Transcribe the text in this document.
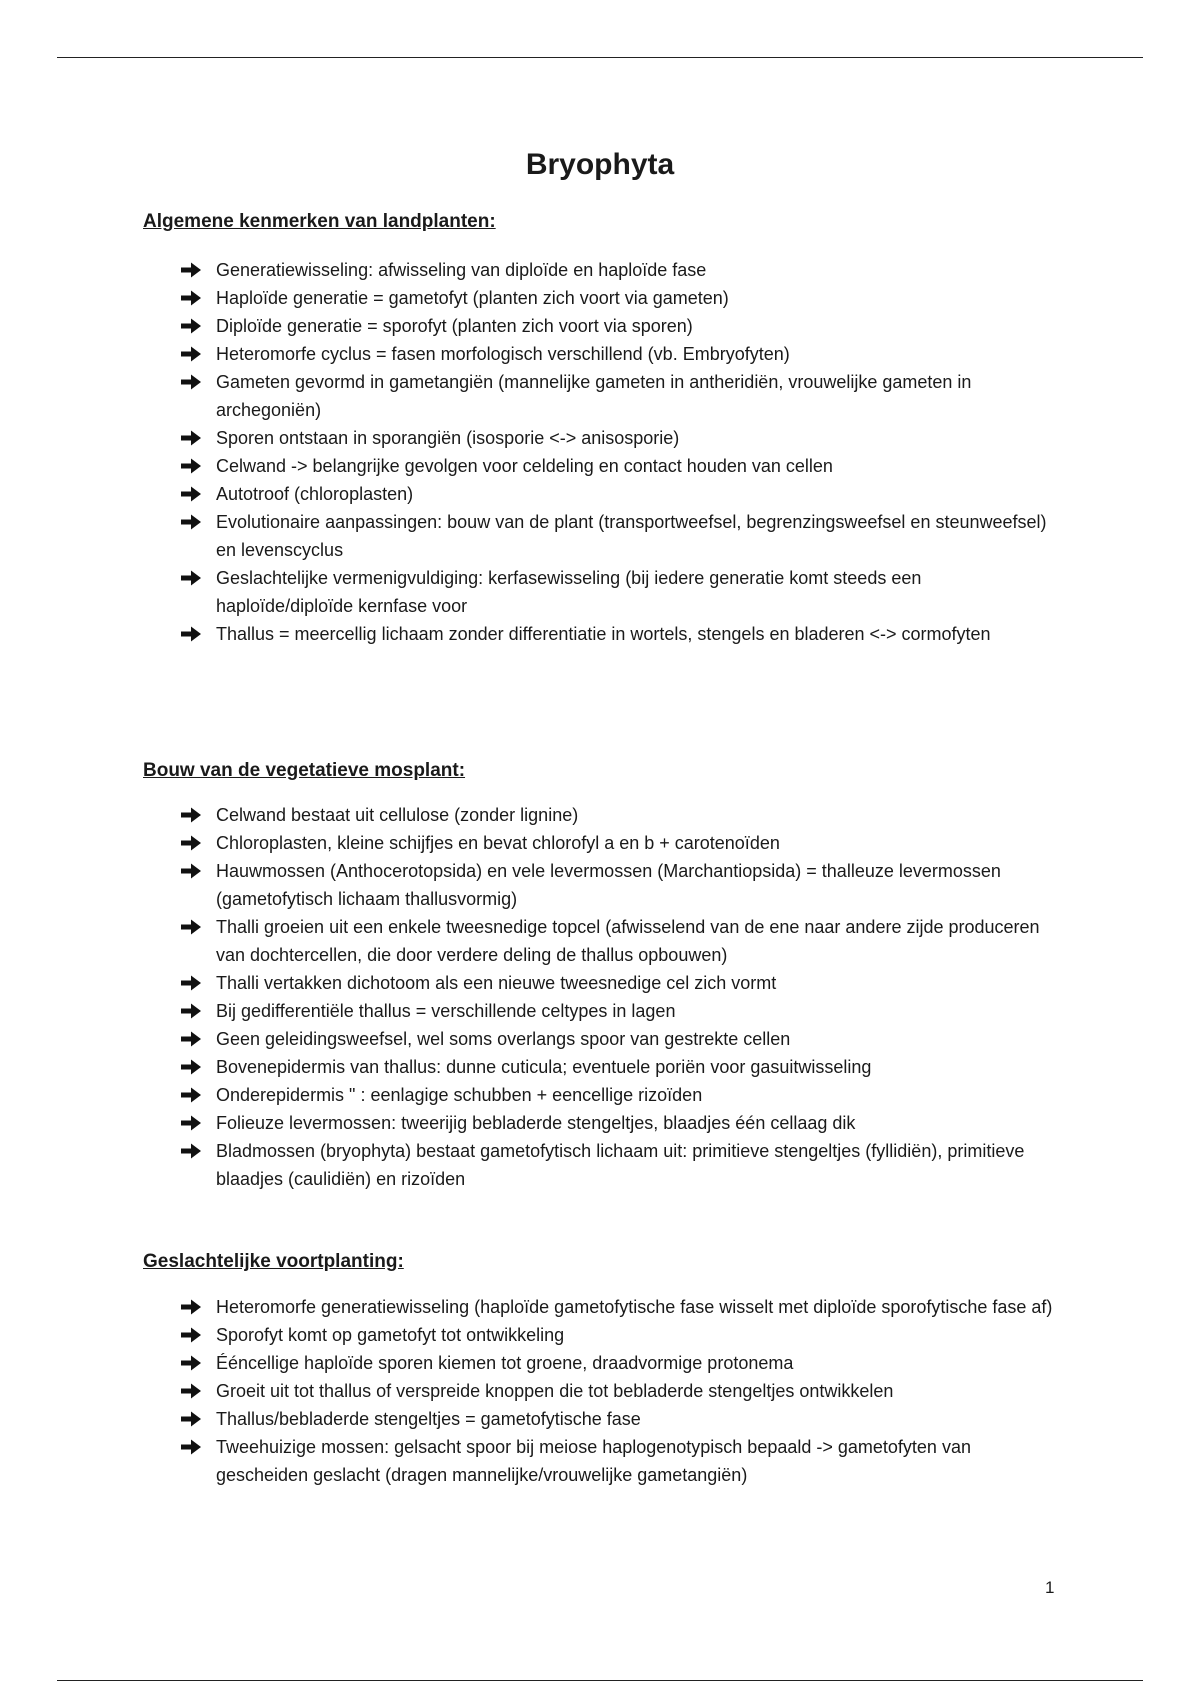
Bryophyta
Algemene kenmerken van landplanten:
Generatiewisseling: afwisseling van diploïde en haploïde fase
Haploïde generatie = gametofyt (planten zich voort via gameten)
Diploïde generatie = sporofyt (planten zich voort via sporen)
Heteromorfe cyclus = fasen morfologisch verschillend (vb. Embryofyten)
Gameten gevormd in gametangiën (mannelijke gameten in antheridiën, vrouwelijke gameten in archegoniën)
Sporen ontstaan in sporangiën (isosporie <-> anisosporie)
Celwand -> belangrijke gevolgen voor celdeling en contact houden van cellen
Autotroof (chloroplasten)
Evolutionaire aanpassingen: bouw van de plant (transportweefsel, begrenzingsweefsel en steunweefsel) en levenscyclus
Geslachtelijke vermenigvuldiging: kerfasewisseling (bij iedere generatie komt steeds een haploïde/diploïde kernfase voor
Thallus = meercellig lichaam zonder differentiatie in wortels, stengels en bladeren <-> cormofyten
Bouw van de vegetatieve mosplant:
Celwand bestaat uit cellulose (zonder lignine)
Chloroplasten, kleine schijfjes en bevat chlorofyl a en b + carotenoïden
Hauwmossen (Anthocerotopsida) en vele levermossen (Marchantiopsida) = thalleuze levermossen (gametofytisch lichaam thallusvormig)
Thalli groeien uit een enkele tweesnedige topcel (afwisselend van de ene naar andere zijde produceren van dochtercellen, die door verdere deling de thallus opbouwen)
Thalli vertakken dichotoom als een nieuwe tweesnedige cel zich vormt
Bij gedifferentiële thallus = verschillende celtypes in lagen
Geen geleidingsweefsel, wel soms overlangs spoor van gestrekte cellen
Bovenepidermis van thallus: dunne cuticula; eventuele poriën voor gasuitwisseling
Onderepidermis " : eenlagige schubben + eencellige rizoïden
Folieuze levermossen: tweerijig bebladerde stengeltjes, blaadjes één cellaag dik
Bladmossen (bryophyta) bestaat gametofytisch lichaam uit: primitieve stengeltjes (fyllidiën), primitieve blaadjes (caulidiën) en rizoïden
Geslachtelijke voortplanting:
Heteromorfe generatiewisseling (haploïde gametofytische fase wisselt met diploïde sporofytische fase af)
Sporofyt komt op gametofyt tot ontwikkeling
Ééncellige haploïde sporen kiemen tot groene, draadvormige protonema
Groeit uit tot thallus of verspreide knoppen die tot bebladerde stengeltjes ontwikkelen
Thallus/bebladerde stengeltjes = gametofytische fase
Tweehuizige mossen: gelsacht spoor bij meiose haplogenotypisch bepaald -> gametofyten van gescheiden geslacht (dragen mannelijke/vrouwelijke gametangiën)
1
